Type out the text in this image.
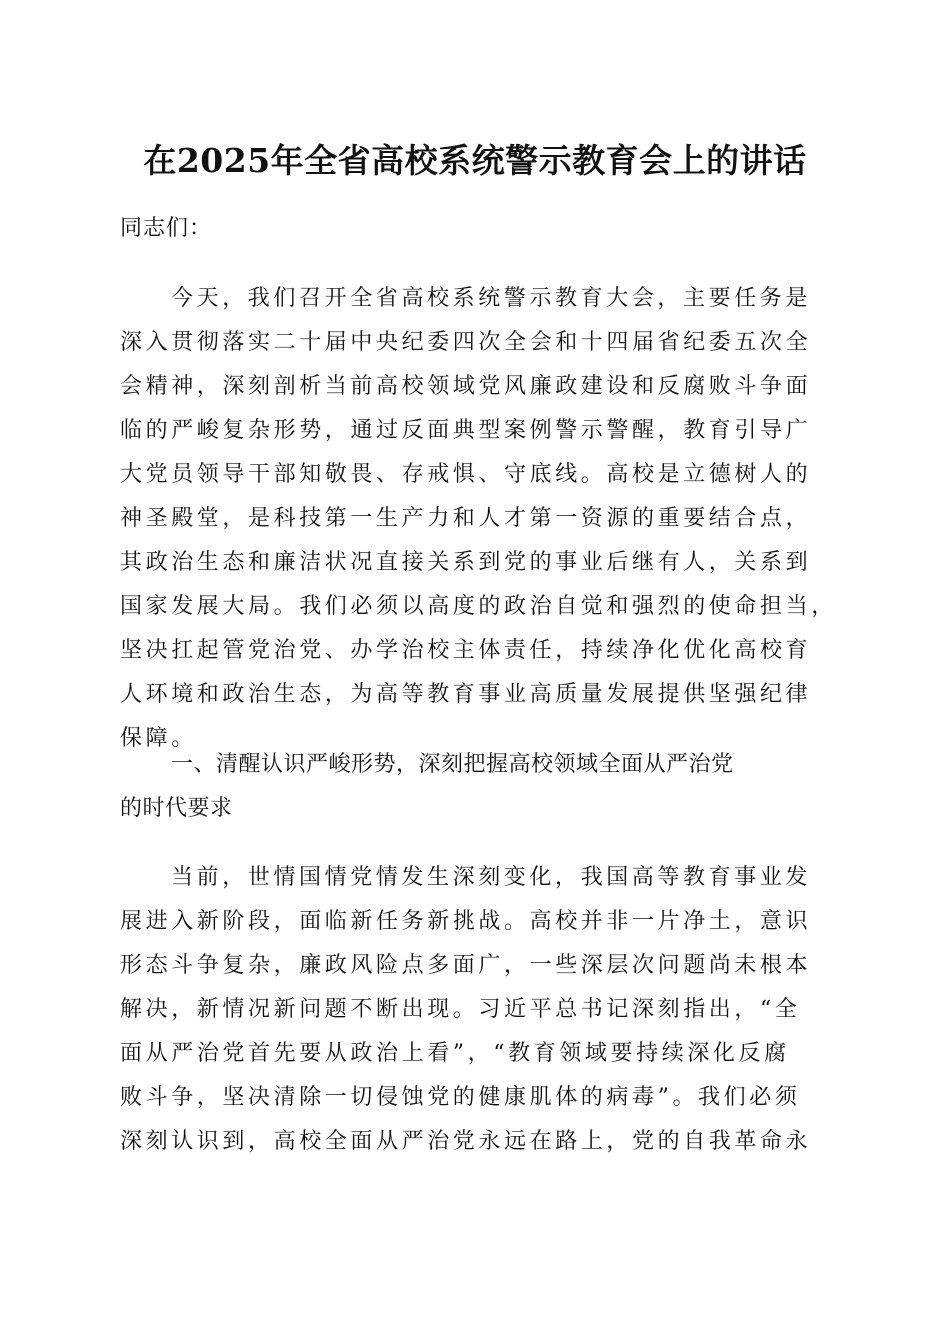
在2025年全省高校系统警示教育会上的讲话
同志们：
今天，我们召开全省高校系统警示教育大会，主要任务是
深入贯彻落实二十届中央纪委四次全会和十四届省纪委五次全
会精神，深刻剖析当前高校领域党风廉政建设和反腐败斗争面
临的严峻复杂形势，通过反面典型案例警示警醒，教育引导广
大党员领导干部知敬畏、存戒惧、守底线。高校是立德树人的
神圣殿堂，是科技第一生产力和人才第一资源的重要结合点，
其政治生态和廉洁状况直接关系到党的事业后继有人，关系到
国家发展大局。我们必须以高度的政治自觉和强烈的使命担当，
坚决扛起管党治党、办学治校主体责任，持续净化优化高校育
人环境和政治生态，为高等教育事业高质量发展提供坚强纪律
保障。
一、清醒认识严峻形势，深刻把握高校领域全面从严治党
的时代要求
当前，世情国情党情发生深刻变化，我国高等教育事业发
展进入新阶段，面临新任务新挑战。高校并非一片净土，意识
形态斗争复杂，廉政风险点多面广，一些深层次问题尚未根本
解决，新情况新问题不断出现。习近平总书记深刻指出，“全
面从严治党首先要从政治上看”，“教育领域要持续深化反腐
败斗争，坚决清除一切侵蚀党的健康肌体的病毒”。我们必须
深刻认识到，高校全面从严治党永远在路上，党的自我革命永
